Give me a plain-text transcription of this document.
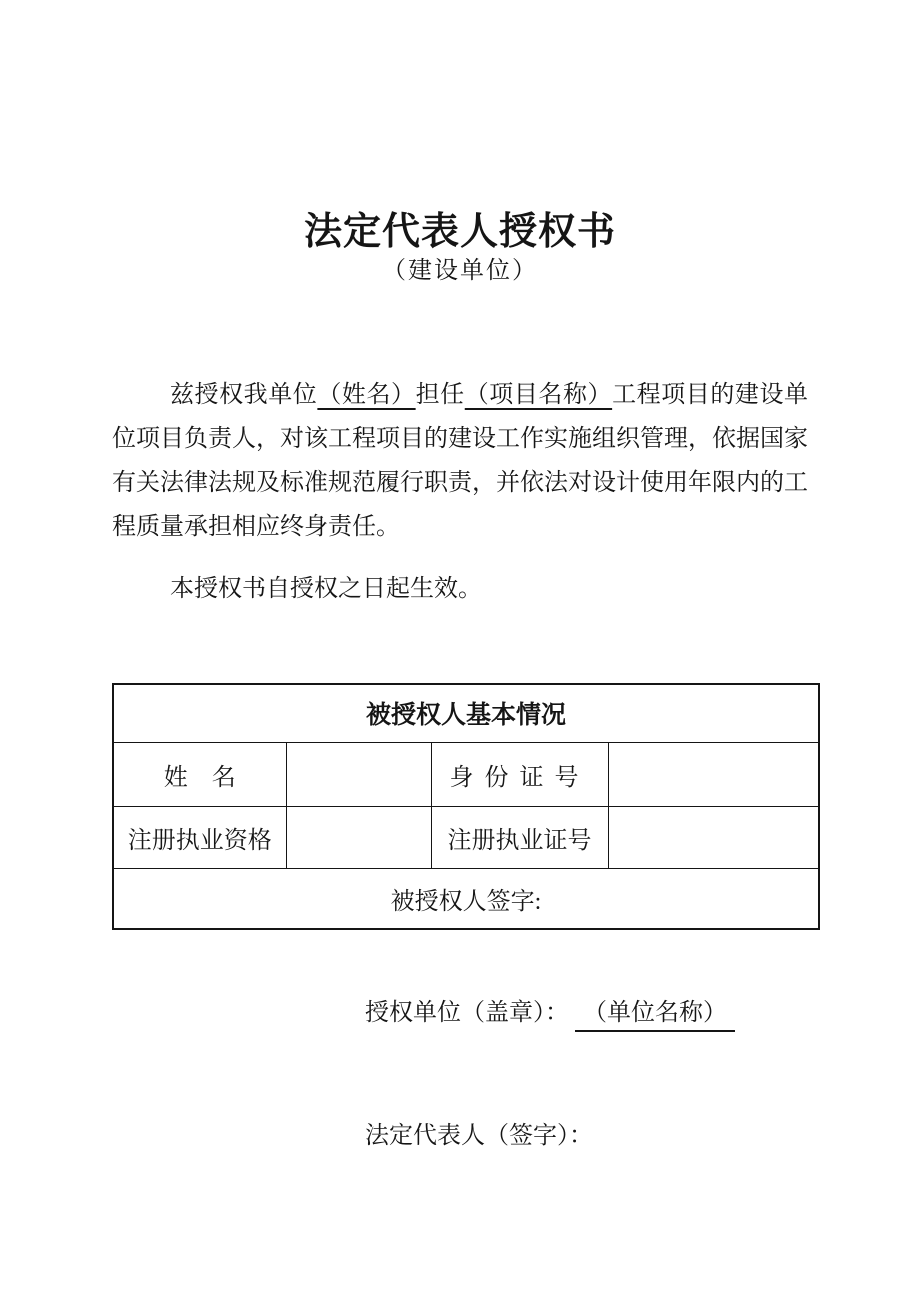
法定代表人授权书
（建设单位）

兹授权我单位（姓名）担任（项目名称）工程项目的建设单位项目负责人，对该工程项目的建设工作实施组织管理，依据国家有关法律法规及标准规范履行职责，并依法对设计使用年限内的工程质量承担相应终身责任。

本授权书自授权之日起生效。

被授权人基本情况			
姓　名		身份证号	
注册执业资格		注册执业证号	
被授权人签字:			
授权单位（盖章）： （单位名称）
法定代表人（签字）：
